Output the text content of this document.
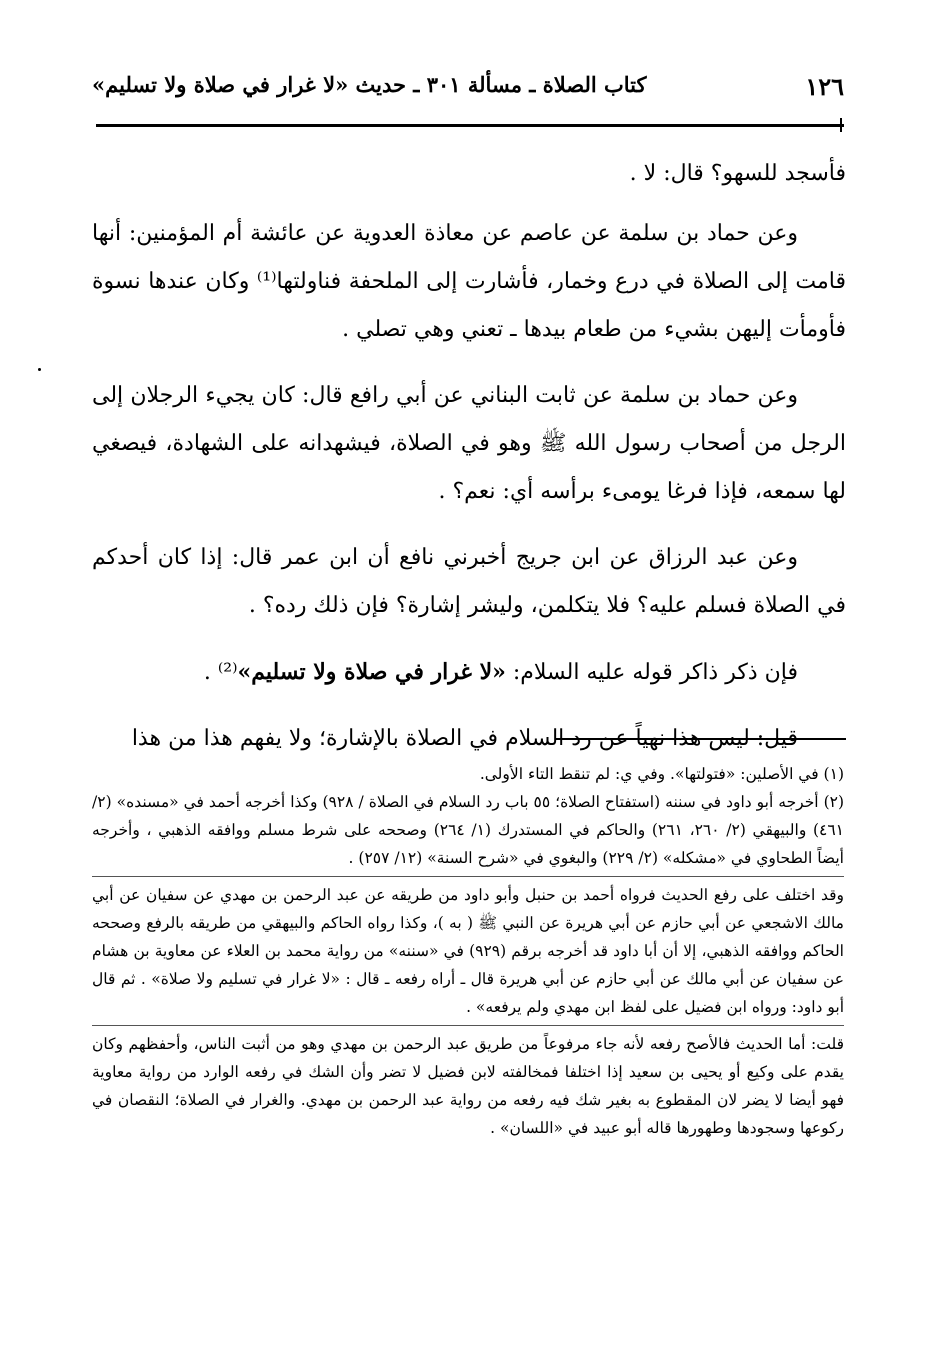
١٢٦
كتاب الصلاة ـ مسألة ٣٠١ ـ حديث «لا غرار في صلاة ولا تسليم»

فأسجد للسهو؟ قال: لا .

وعن حماد بن سلمة عن عاصم عن معاذة العدوية عن عائشة أم المؤمنين: أنها قامت إلى الصلاة في درع وخمار، فأشارت إلى الملحفة فناولتها⁽¹⁾ وكان عندها نسوة فأومأت إليهن بشيء من طعام بيدها ـ تعني وهي تصلي .

وعن حماد بن سلمة عن ثابت البناني عن أبي رافع قال: كان يجيء الرجلان إلى الرجل من أصحاب رسول الله ﷺ وهو في الصلاة، فيشهدانه على الشهادة، فيصغي لها سمعه، فإذا فرغا يومىء برأسه أي: نعم؟ .

وعن عبد الرزاق عن ابن جريج أخبرني نافع أن ابن عمر قال: إذا كان أحدكم في الصلاة فسلم عليه؟ فلا يتكلمن، وليشر إشارة؟ فإن ذلك رده؟ .

فإن ذكر ذاكر قوله عليه السلام: «لا غرار في صلاة ولا تسليم»⁽²⁾ .

قيل: ليس هذا نهياً عن رد السلام في الصلاة بالإشارة؛ ولا يفهم هذا من هذا

(١) في الأصلين: «فتولتها». وفي ي: لم تنقط التاء الأولى.

(٢) أخرجه أبو داود في سننه (استفتاح الصلاة؛ ٥٥ باب رد السلام في الصلاة / ٩٢٨) وكذا أخرجه أحمد في «مسنده» (٢/ ٤٦١) والبيهقي (٢/ ٢٦٠، ٢٦١) والحاكم في المستدرك (١/ ٢٦٤) وصححه على شرط مسلم ووافقه الذهبي ، وأخرجه أيضاً الطحاوي في «مشكله» (٢/ ٢٢٩) والبغوي في «شرح السنة» (١٢/ ٢٥٧) .

وقد اختلف على رفع الحديث فرواه أحمد بن حنبل وأبو داود من طريقه عن عبد الرحمن بن مهدي عن سفيان عن أبي مالك الاشجعي عن أبي حازم عن أبي هريرة عن النبي ﷺ ( به )، وكذا رواه الحاكم والبيهقي من طريقه بالرفع وصححه الحاكم ووافقه الذهبي، إلا أن أبا داود قد أخرجه برقم (٩٢٩) في «سننه» من رواية محمد بن العلاء عن معاوية بن هشام عن سفيان عن أبي مالك عن أبي حازم عن أبي هريرة قال ـ أراه رفعه ـ قال : «لا غرار في تسليم ولا صلاة» . ثم قال أبو داود: ورواه ابن فضيل على لفظ ابن مهدي ولم يرفعه» .

قلت: أما الحديث فالأصح رفعه لأنه جاء مرفوعاً من طريق عبد الرحمن بن مهدي وهو من أثبت الناس، وأحفظهم وكان يقدم على وكيع أو يحيى بن سعيد إذا اختلفا فمخالفته لابن فضيل لا تضر وأن الشك في رفعه الوارد من رواية معاوية فهو أيضا لا يضر لان المقطوع به بغير شك فيه رفعه من رواية عبد الرحمن بن مهدي. والغرار في الصلاة؛ النقصان في ركوعها وسجودها وطهورها قاله أبو عبيد في «اللسان» .
